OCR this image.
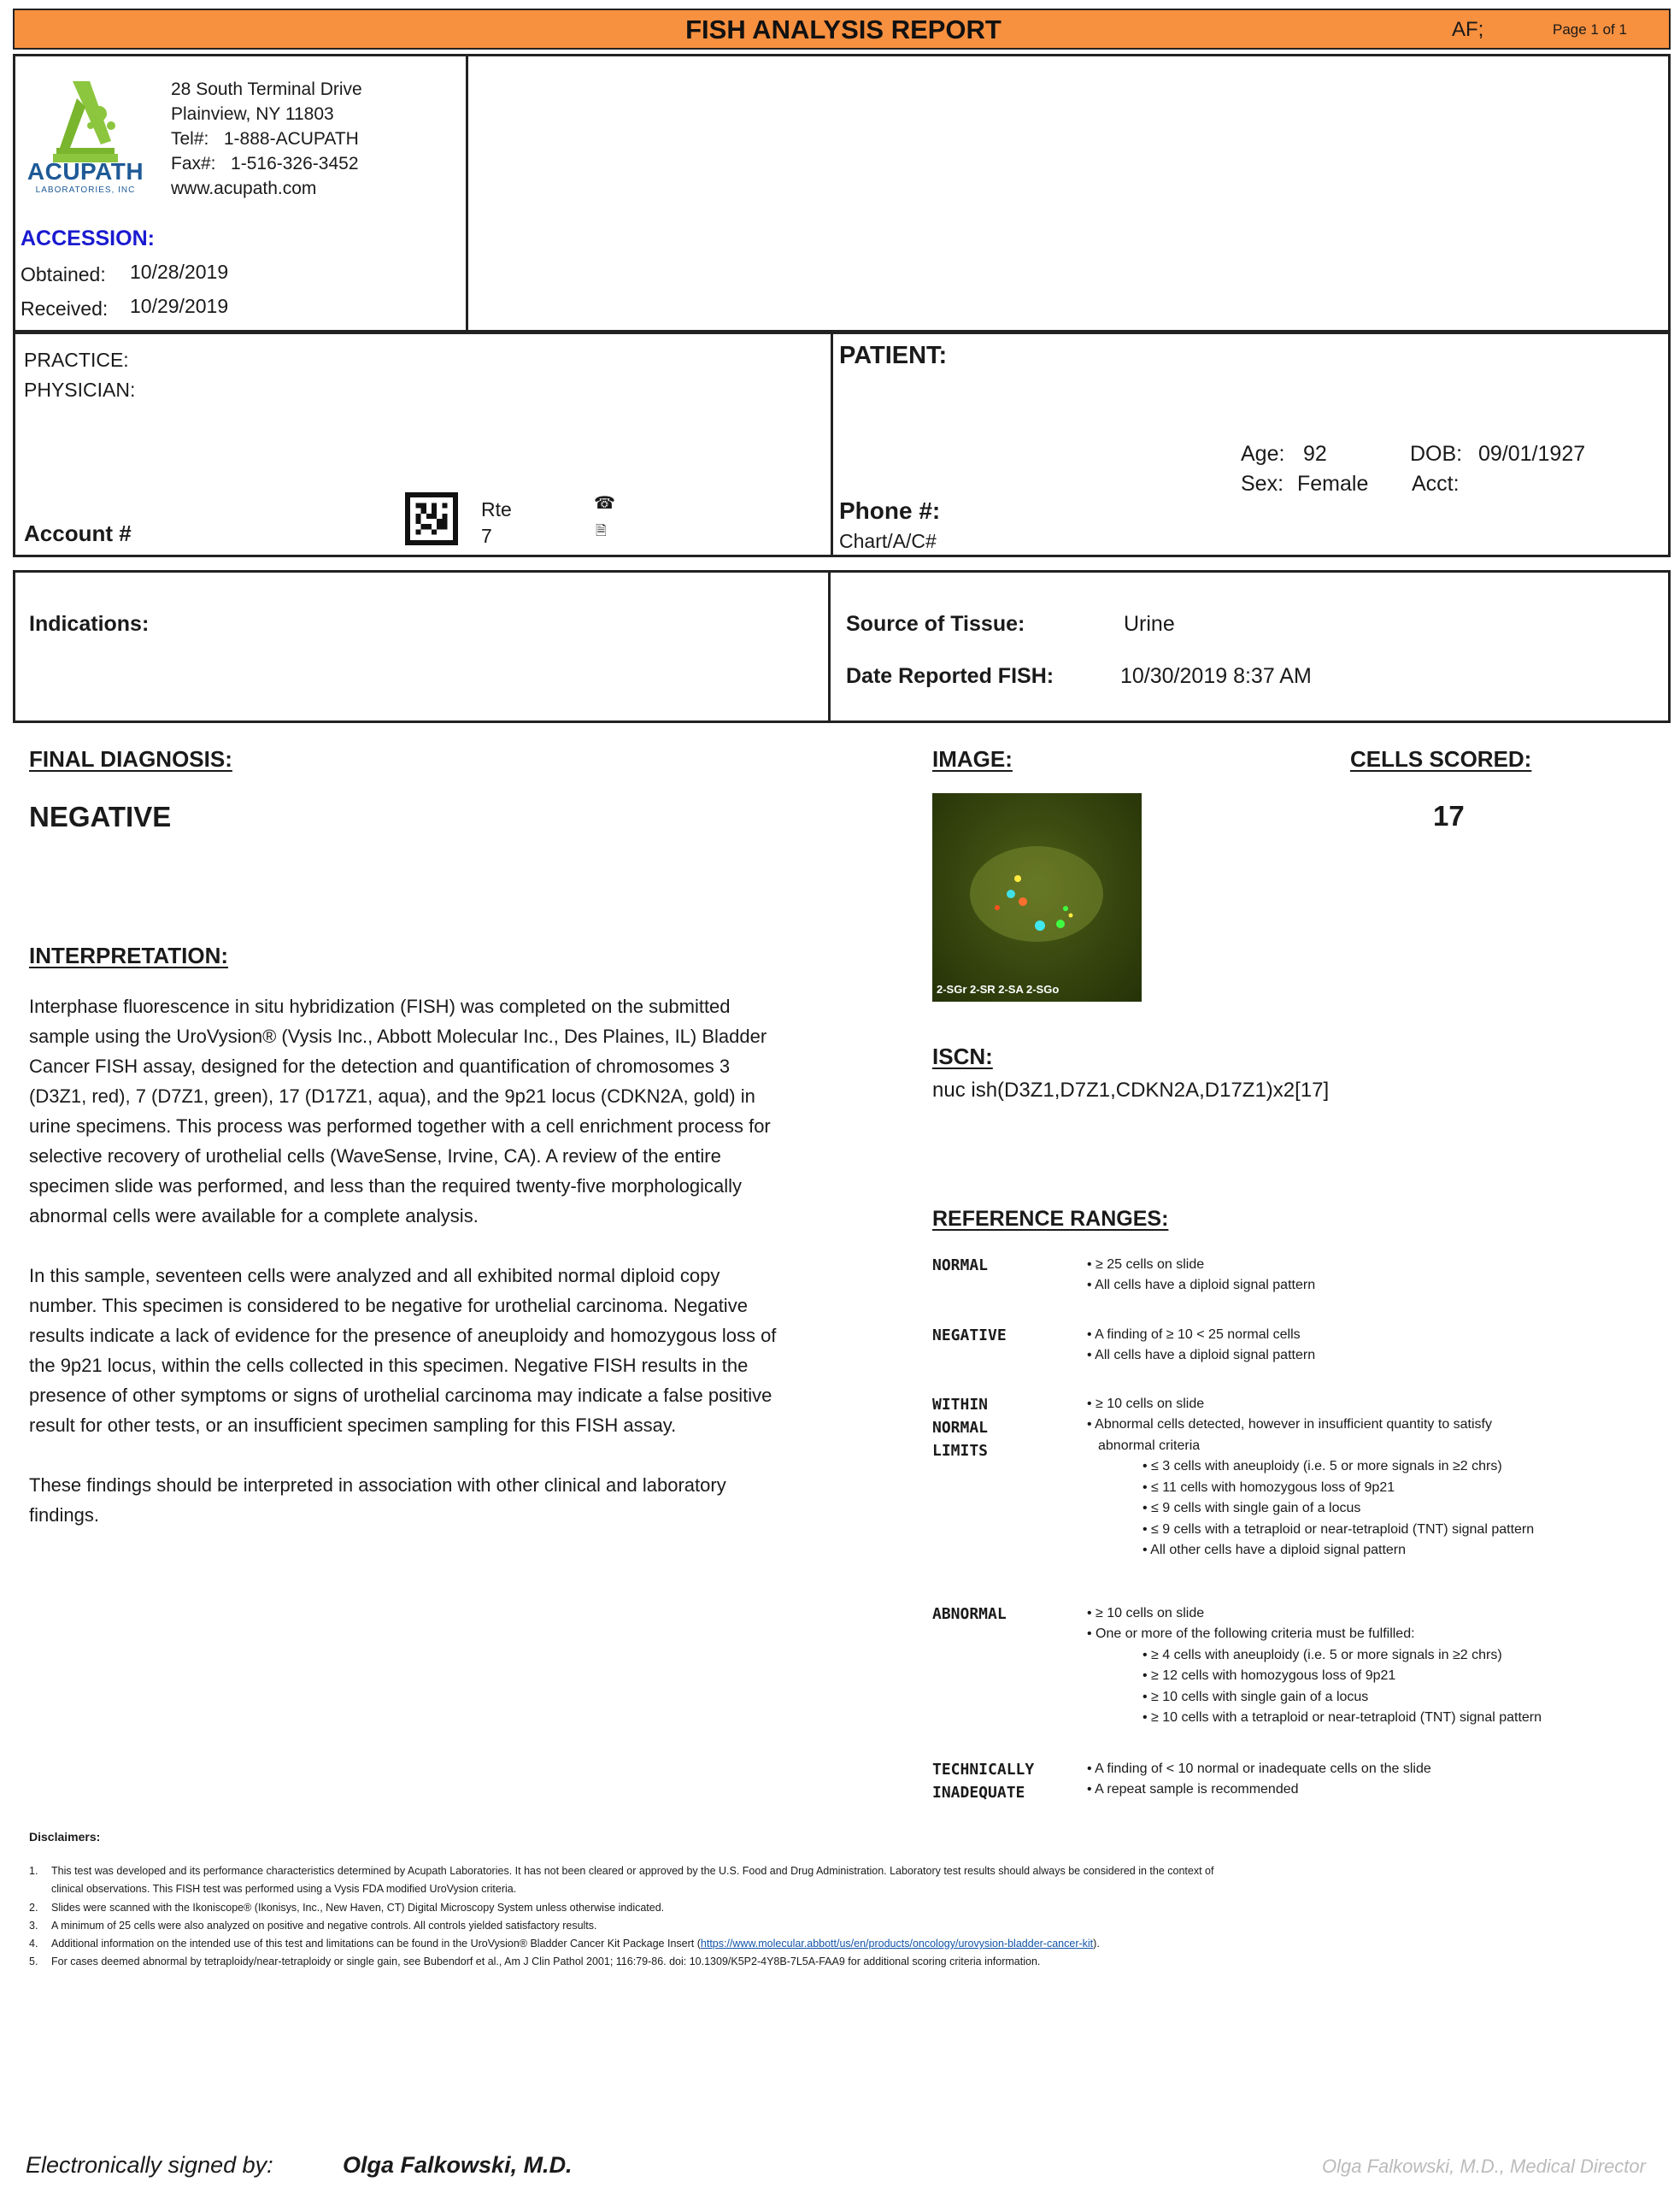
FISH ANALYSIS REPORT	AF;	Page 1 of 1
ACUPATH
LABORATORIES, INC
28 South Terminal Drive
Plainview, NY 11803
Tel#: 1-888-ACUPATH
Fax#: 1-516-326-3452
www.acupath.com
ACCESSION:
Obtained: 10/28/2019
Received: 10/29/2019
PRACTICE:
PHYSICIAN:
Account #
Rte
7
☎
🗎
PATIENT:
Age: 92	DOB: 09/01/1927
Sex: Female Acct:
Phone #:
Chart/A/C#
Indications:	Source of Tissue:	Urine
Date Reported FISH:	10/30/2019 8:37 AM
FINAL DIAGNOSIS:
NEGATIVE
IMAGE:
2-SGr 2-SR 2-SA 2-SGo
CELLS SCORED:
17
ISCN:
nuc ish(D3Z1,D7Z1,CDKN2A,D17Z1)x2[17]
INTERPRETATION:

Interphase fluorescence in situ hybridization (FISH) was completed on the submitted sample using the UroVysion® (Vysis Inc., Abbott Molecular Inc., Des Plaines, IL) Bladder Cancer FISH assay, designed for the detection and quantification of chromosomes 3 (D3Z1, red), 7 (D7Z1, green), 17 (D17Z1, aqua), and the 9p21 locus (CDKN2A, gold) in urine specimens. This process was performed together with a cell enrichment process for selective recovery of urothelial cells (WaveSense, Irvine, CA). A review of the entire specimen slide was performed, and less than the required twenty-five morphologically abnormal cells were available for a complete analysis.

In this sample, seventeen cells were analyzed and all exhibited normal diploid copy number. This specimen is considered to be negative for urothelial carcinoma. Negative results indicate a lack of evidence for the presence of aneuploidy and homozygous loss of the 9p21 locus, within the cells collected in this specimen. Negative FISH results in the presence of other symptoms or signs of urothelial carcinoma may indicate a false positive result for other tests, or an insufficient specimen sampling for this FISH assay.

These findings should be interpreted in association with other clinical and laboratory findings.

REFERENCE RANGES:
NORMAL	• ≥ 25 cells on slide
• All cells have a diploid signal pattern
NEGATIVE	• A finding of ≥ 10 < 25 normal cells
• All cells have a diploid signal pattern
WITHIN
NORMAL
LIMITS
• ≥ 10 cells on slide
• Abnormal cells detected, however in insufficient quantity to satisfy
abnormal criteria
• ≤ 3 cells with aneuploidy (i.e. 5 or more signals in ≥2 chrs)
• ≤ 11 cells with homozygous loss of 9p21
• ≤ 9 cells with single gain of a locus
• ≤ 9 cells with a tetraploid or near-tetraploid (TNT) signal pattern
• All other cells have a diploid signal pattern
ABNORMAL	• ≥ 10 cells on slide
• One or more of the following criteria must be fulfilled:
• ≥ 4 cells with aneuploidy (i.e. 5 or more signals in ≥2 chrs)
• ≥ 12 cells with homozygous loss of 9p21
• ≥ 10 cells with single gain of a locus
• ≥ 10 cells with a tetraploid or near-tetraploid (TNT) signal pattern
TECHNICALLY
INADEQUATE
• A finding of < 10 normal or inadequate cells on the slide
• A repeat sample is recommended
Disclaimers:
1. This test was developed and its performance characteristics determined by Acupath Laboratories. It has not been cleared or approved by the U.S. Food and Drug Administration. Laboratory test results should always be considered in the context of
clinical observations. This FISH test was performed using a Vysis FDA modified UroVysion criteria.
2. Slides were scanned with the Ikoniscope® (Ikonisys, Inc., New Haven, CT) Digital Microscopy System unless otherwise indicated.
3. A minimum of 25 cells were also analyzed on positive and negative controls. All controls yielded satisfactory results.
4. Additional information on the intended use of this test and limitations can be found in the UroVysion® Bladder Cancer Kit Package Insert (https://www.molecular.abbott/us/en/products/oncology/urovysion-bladder-cancer-kit).
5. For cases deemed abnormal by tetraploidy/near-tetraploidy or single gain, see Bubendorf et al., Am J Clin Pathol 2001; 116:79-86. doi: 10.1309/K5P2-4Y8B-7L5A-FAA9 for additional scoring criteria information.
Electronically signed by:	Olga Falkowski, M.D.	Olga Falkowski, M.D., Medical Director
